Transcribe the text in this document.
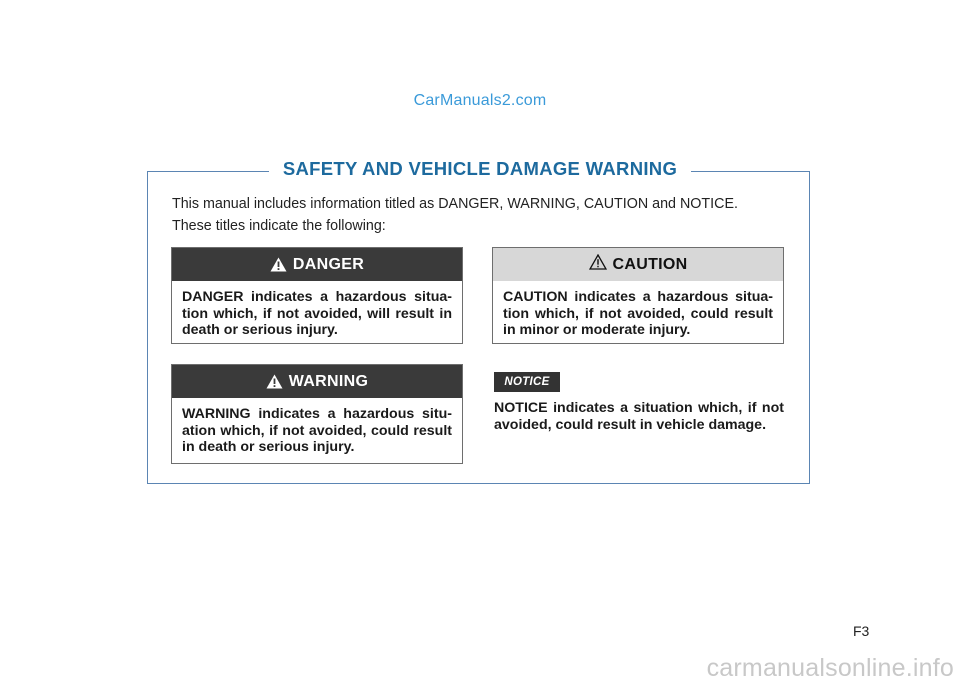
CarManuals2.com
SAFETY AND VEHICLE DAMAGE WARNING
This manual includes information titled as DANGER, WARNING, CAUTION and NOTICE.
These titles indicate the following:
DANGER
DANGER indicates a hazardous situation which, if not avoided, will result in death or serious injury.
CAUTION
CAUTION indicates a hazardous situation which, if not avoided, could result in minor or moderate injury.
WARNING
WARNING indicates a hazardous situation which, if not avoided, could result in death or serious injury.
NOTICE
NOTICE indicates a situation which, if not avoided, could result in vehicle damage.
F3
carmanualsonline.info
